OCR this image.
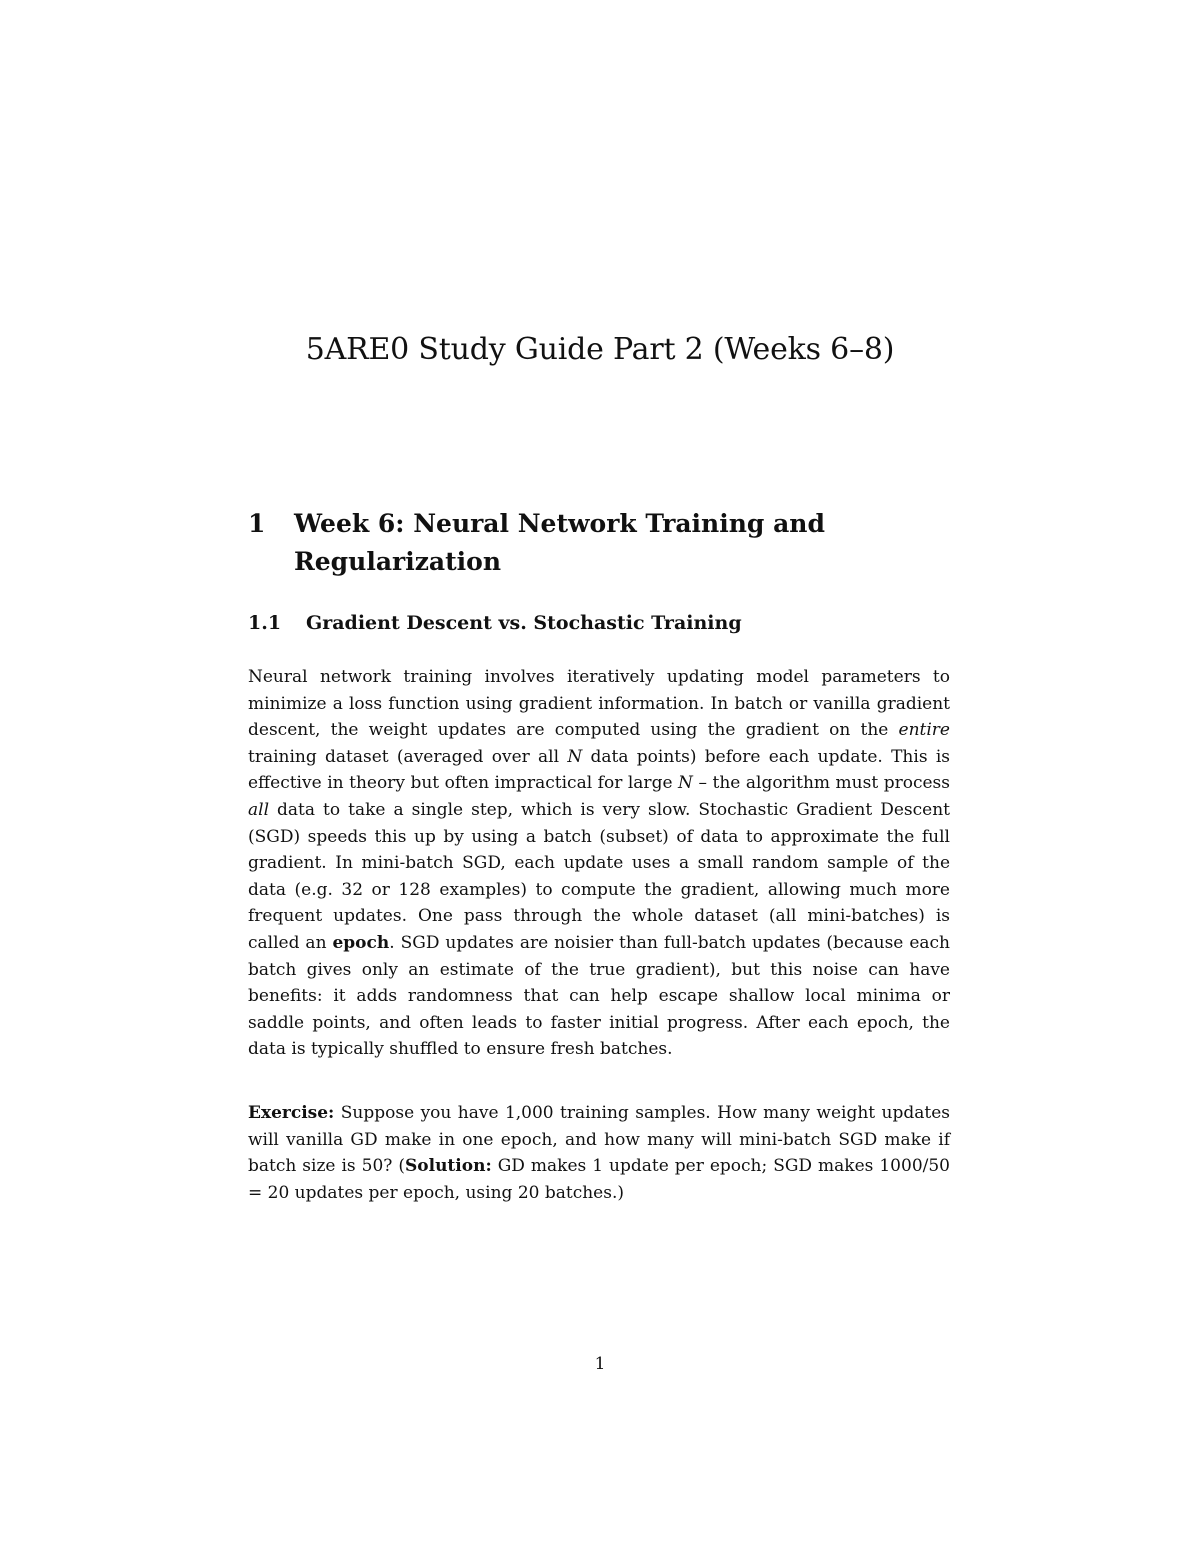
5ARE0 Study Guide Part 2 (Weeks 6–8)
1 Week 6: Neural Network Training and Regularization
1.1 Gradient Descent vs. Stochastic Training

Neural network training involves iteratively updating model parameters to minimize a loss function using gradient information. In batch or vanilla gradient descent, the weight updates are computed using the gradient on the entire training dataset (averaged over all N data points) before each update. This is effective in theory but often impractical for large N – the algorithm must process all data to take a single step, which is very slow. Stochastic Gradient Descent (SGD) speeds this up by using a batch (subset) of data to approximate the full gradient. In mini-batch SGD, each update uses a small random sample of the data (e.g. 32 or 128 examples) to compute the gradient, allowing much more frequent updates. One pass through the whole dataset (all mini-batches) is called an epoch. SGD updates are noisier than full-batch updates (because each batch gives only an estimate of the true gradient), but this noise can have benefits: it adds randomness that can help escape shallow local minima or saddle points, and often leads to faster initial progress. After each epoch, the data is typically shuffled to ensure fresh batches.

Exercise: Suppose you have 1,000 training samples. How many weight updates will vanilla GD make in one epoch, and how many will mini-batch SGD make if batch size is 50? (Solution: GD makes 1 update per epoch; SGD makes 1000/50 = 20 updates per epoch, using 20 batches.)

1
